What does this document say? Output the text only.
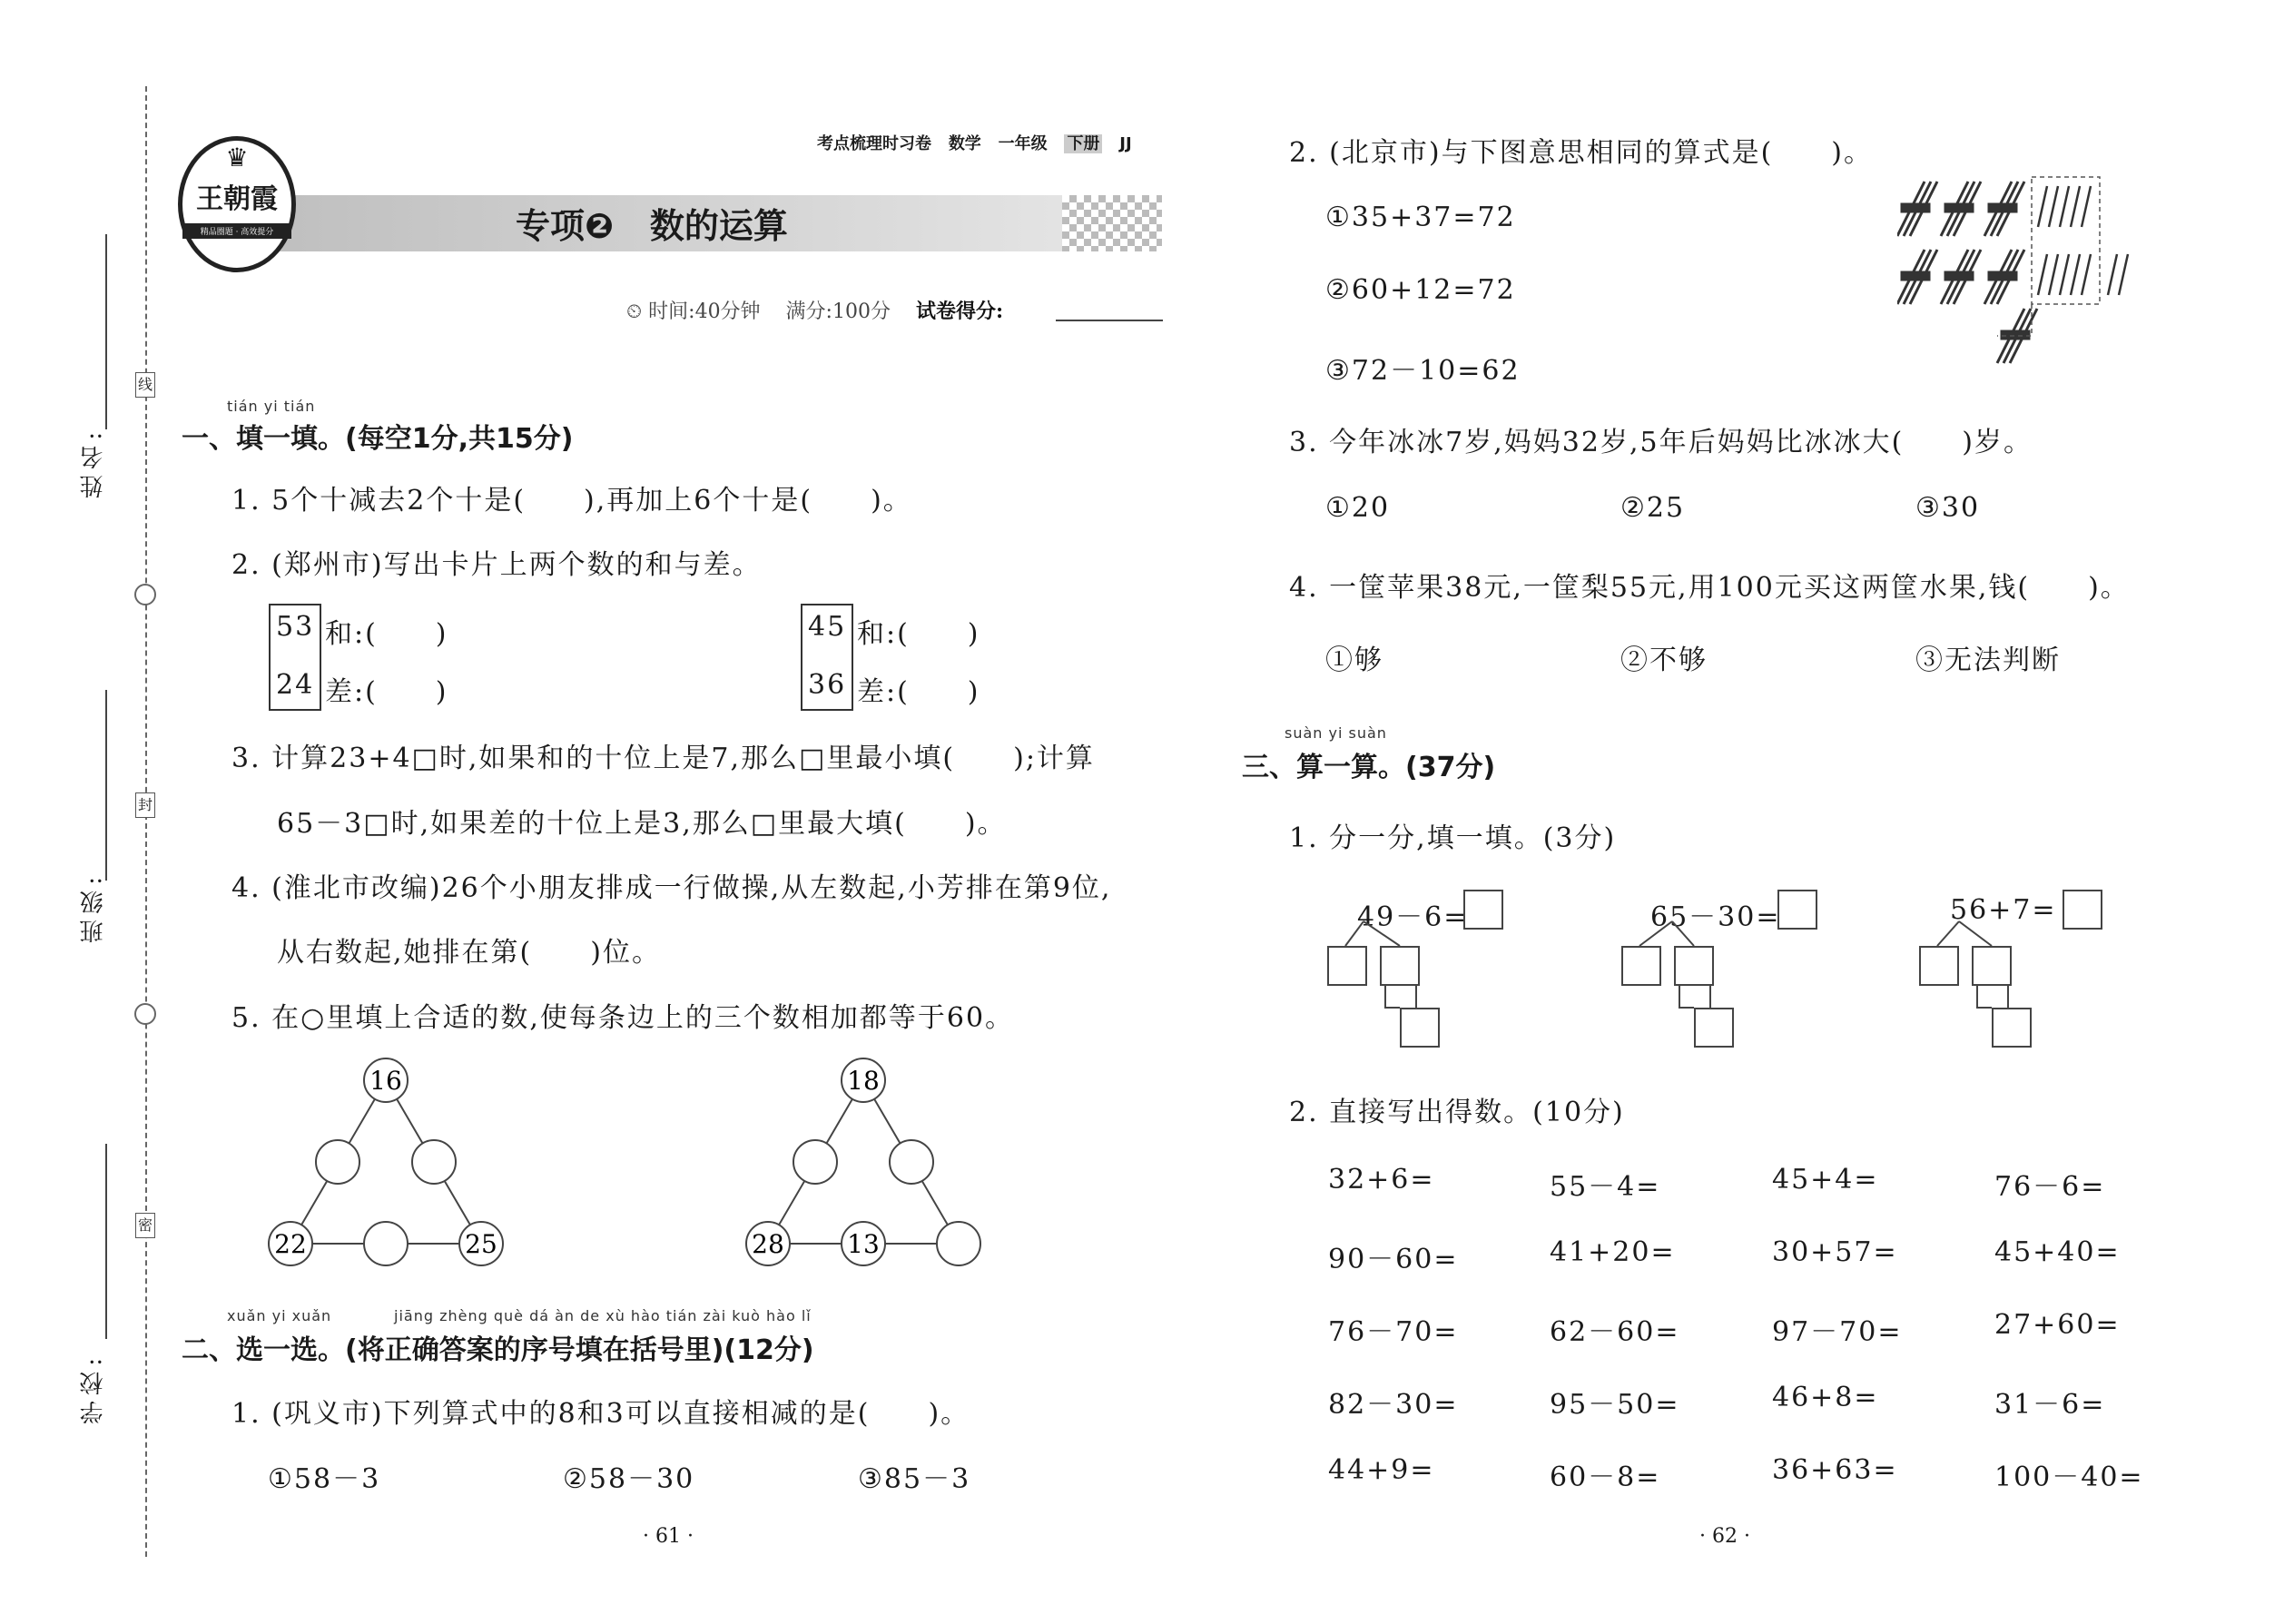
线
封
密
姓名:
班级:
学校:
♛
王朝霞
精品圈题 · 高效提分
考点梳理时习卷 数学 一年级 下册 JJ
专项❷ 数的运算
⏲ 时间:40分钟 满分:100分 试卷得分:
tián yi tián
一、填一填。(每空1分,共15分)
1. 5个十减去2个十是(　　),再加上6个十是(　　)。
2. (郑州市)写出卡片上两个数的和与差。
53
24
和:(　　)
差:(　　)
45
36
和:(　　)
差:(　　)
3. 计算23+4□时,如果和的十位上是7,那么□里最小填(　　);计算
65－3□时,如果差的十位上是3,那么□里最大填(　　)。
4. (淮北市改编)26个小朋友排成一行做操,从左数起,小芳排在第9位,
从右数起,她排在第(　　)位。
5. 在○里填上合适的数,使每条边上的三个数相加都等于60。
16
22	25
18
28 13
xuǎn yi xuǎn	jiāng zhèng què dá àn de xù hào tián zài kuò hào lǐ
二、选一选。(将正确答案的序号填在括号里)(12分)
1. (巩义市)下列算式中的8和3可以直接相减的是(　　)。
①58－3	②58－30	③85－3
· 61 ·
2. (北京市)与下图意思相同的算式是(　　)。
①35+37=72
②60+12=72
③72－10=62
3. 今年冰冰7岁,妈妈32岁,5年后妈妈比冰冰大(　　)岁。
①20	②25	③30
4. 一筐苹果38元,一筐梨55元,用100元买这两筐水果,钱(　　)。
①够	②不够	③无法判断
suàn yi suàn
三、算一算。(37分)
1. 分一分,填一填。(3分)
49－6=	65－30=	56+7=
2. 直接写出得数。(10分)
32+6=	55－4=	45+4=	76－6=
90－60=	41+20=	30+57=	45+40=
76－70=	62－60=	97－70=	27+60=
82－30=	95－50=	46+8=	31－6=
44+9=	60－8=	36+63=	100－40=
· 62 ·
